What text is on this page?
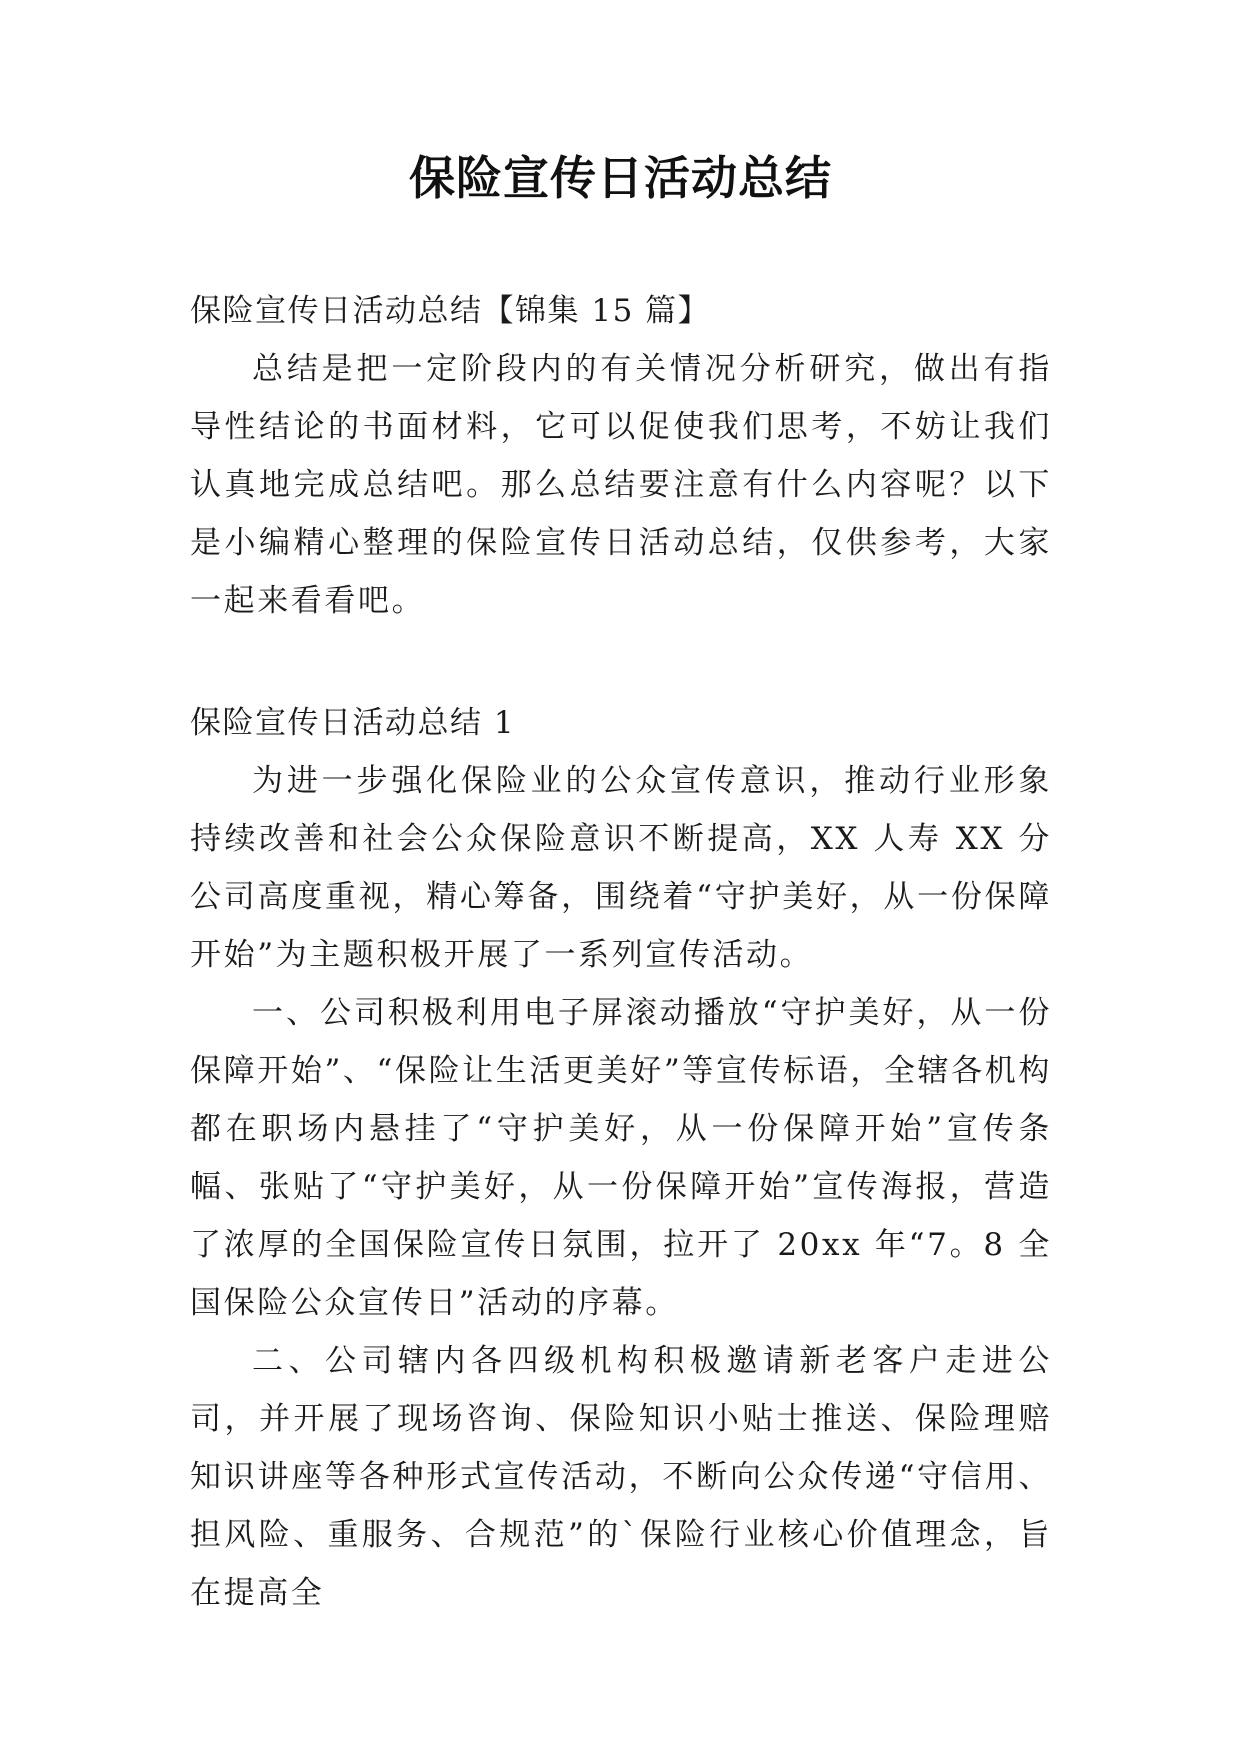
保险宣传日活动总结

保险宣传日活动总结【锦集 15 篇】

总结是把一定阶段内的有关情况分析研究，做出有指导性结论的书面材料，它可以促使我们思考，不妨让我们认真地完成总结吧。那么总结要注意有什么内容呢？以下是小编精心整理的保险宣传日活动总结，仅供参考，大家一起来看看吧。

保险宣传日活动总结 1

为进一步强化保险业的公众宣传意识，推动行业形象持续改善和社会公众保险意识不断提高，XX 人寿 XX 分公司高度重视，精心筹备，围绕着“守护美好，从一份保障开始”为主题积极开展了一系列宣传活动。

一、公司积极利用电子屏滚动播放“守护美好，从一份保障开始”、“保险让生活更美好”等宣传标语，全辖各机构都在职场内悬挂了“守护美好，从一份保障开始”宣传条幅、张贴了“守护美好，从一份保障开始”宣传海报，营造了浓厚的全国保险宣传日氛围，拉开了 20xx 年“7。8 全国保险公众宣传日”活动的序幕。

二、公司辖内各四级机构积极邀请新老客户走进公司，并开展了现场咨询、保险知识小贴士推送、保险理赔知识讲座等各种形式宣传活动，不断向公众传递“守信用、担风险、重服务、合规范”的`保险行业核心价值理念，旨在提高全
